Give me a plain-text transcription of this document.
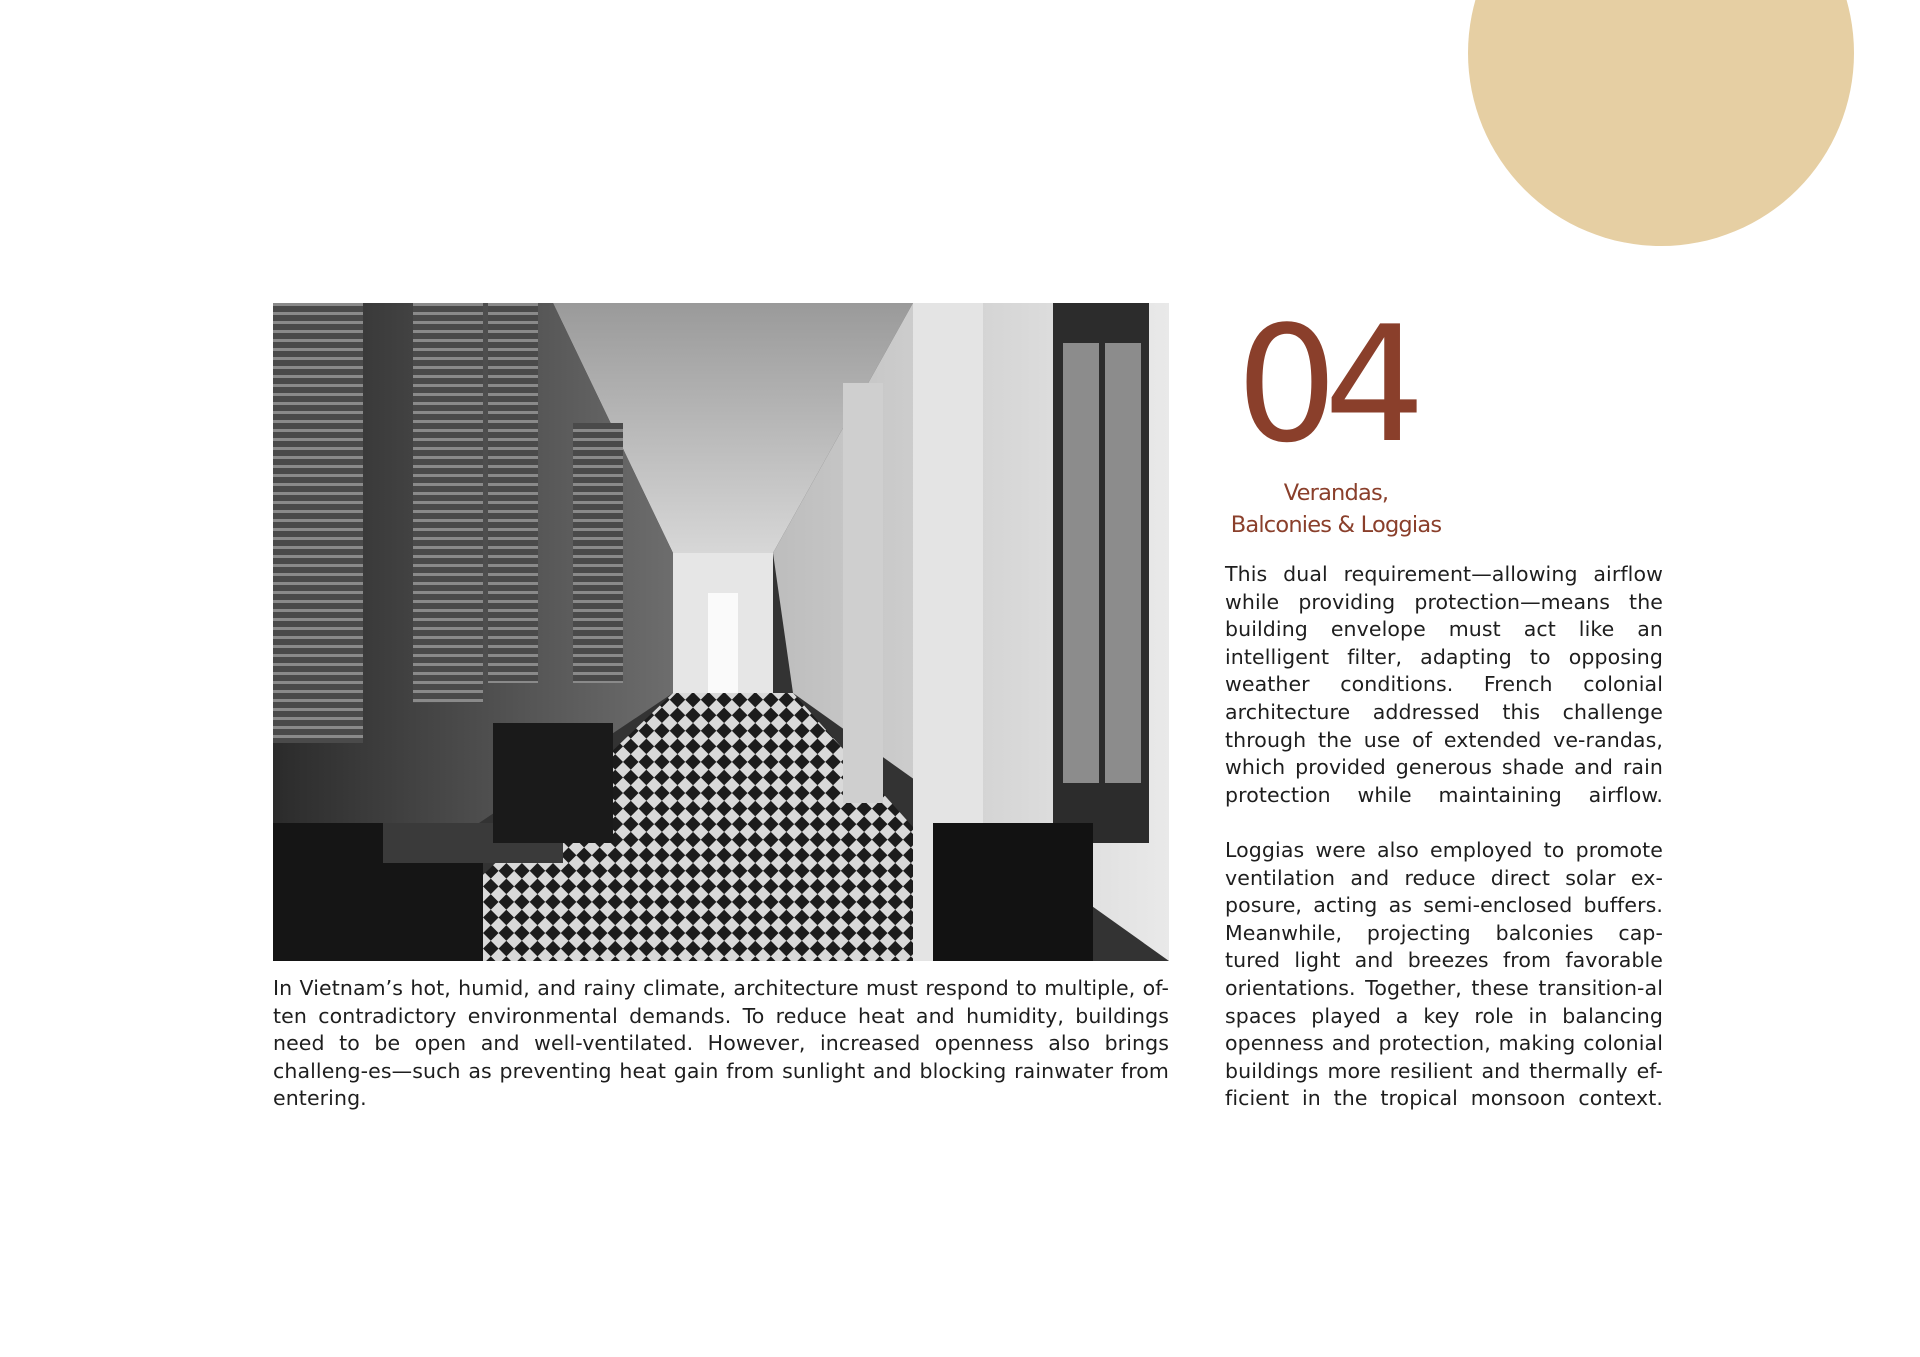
In Vietnam’s hot, humid, and rainy climate, architecture must respond to multiple, of-ten contradictory environmental demands. To reduce heat and humidity, buildings need to be open and well-ventilated. However, increased openness also brings challeng-es—such as preventing heat gain from sunlight and blocking rainwater from entering.

04
Verandas,
Balconies & Loggias

This dual requirement—allowing airflow while providing protection—means the building envelope must act like an intelligent filter, adapting to opposing weather conditions. French colonial architecture addressed this challenge through the use of extended ve-randas, which provided generous shade and rain protection while maintaining airflow.

Loggias were also employed to promote ventilation and reduce direct solar ex-posure, acting as semi-enclosed buffers. Meanwhile, projecting balconies cap-tured light and breezes from favorable orientations. Together, these transition-al spaces played a key role in balancing openness and protection, making colonial buildings more resilient and thermally ef-ficient in the tropical monsoon context.
